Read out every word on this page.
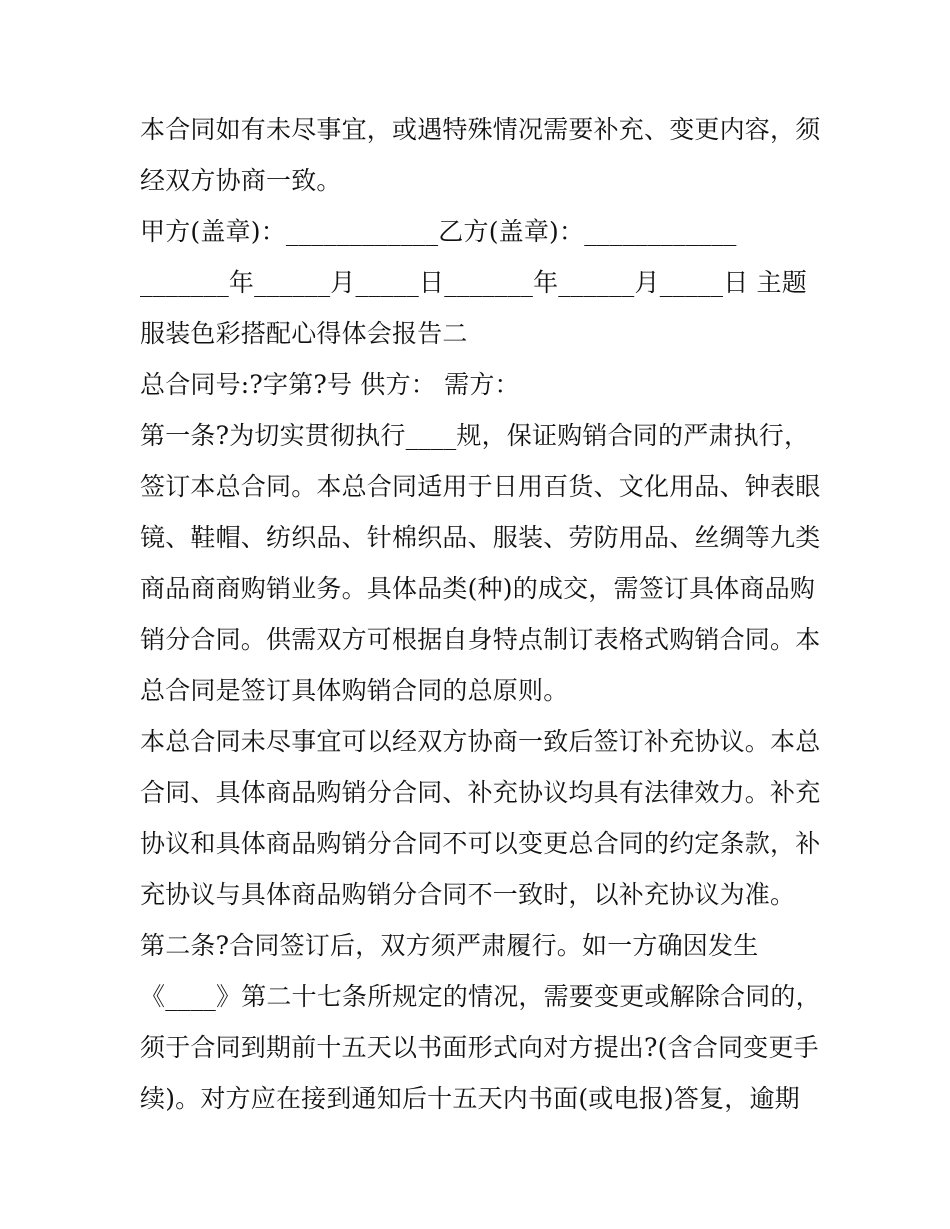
本合同如有未尽事宜，或遇特殊情况需要补充、变更内容，须
经双方协商一致。
甲方(盖章)：____________乙方(盖章)：____________
_______年______月_____日_______年______月_____日 主题
服装色彩搭配心得体会报告二
总合同号:?字第?号 供方： 需方：
第一条?为切实贯彻执行____规，保证购销合同的严肃执行，
签订本总合同。本总合同适用于日用百货、文化用品、钟表眼
镜、鞋帽、纺织品、针棉织品、服装、劳防用品、丝绸等九类
商品商商购销业务。具体品类(种)的成交，需签订具体商品购
销分合同。供需双方可根据自身特点制订表格式购销合同。本
总合同是签订具体购销合同的总原则。
本总合同未尽事宜可以经双方协商一致后签订补充协议。本总
合同、具体商品购销分合同、补充协议均具有法律效力。补充
协议和具体商品购销分合同不可以变更总合同的约定条款，补
充协议与具体商品购销分合同不一致时，以补充协议为准。
第二条?合同签订后，双方须严肃履行。如一方确因发生
《____》第二十七条所规定的情况，需要变更或解除合同的，
须于合同到期前十五天以书面形式向对方提出?(含合同变更手
续)。对方应在接到通知后十五天内书面(或电报)答复，逾期
